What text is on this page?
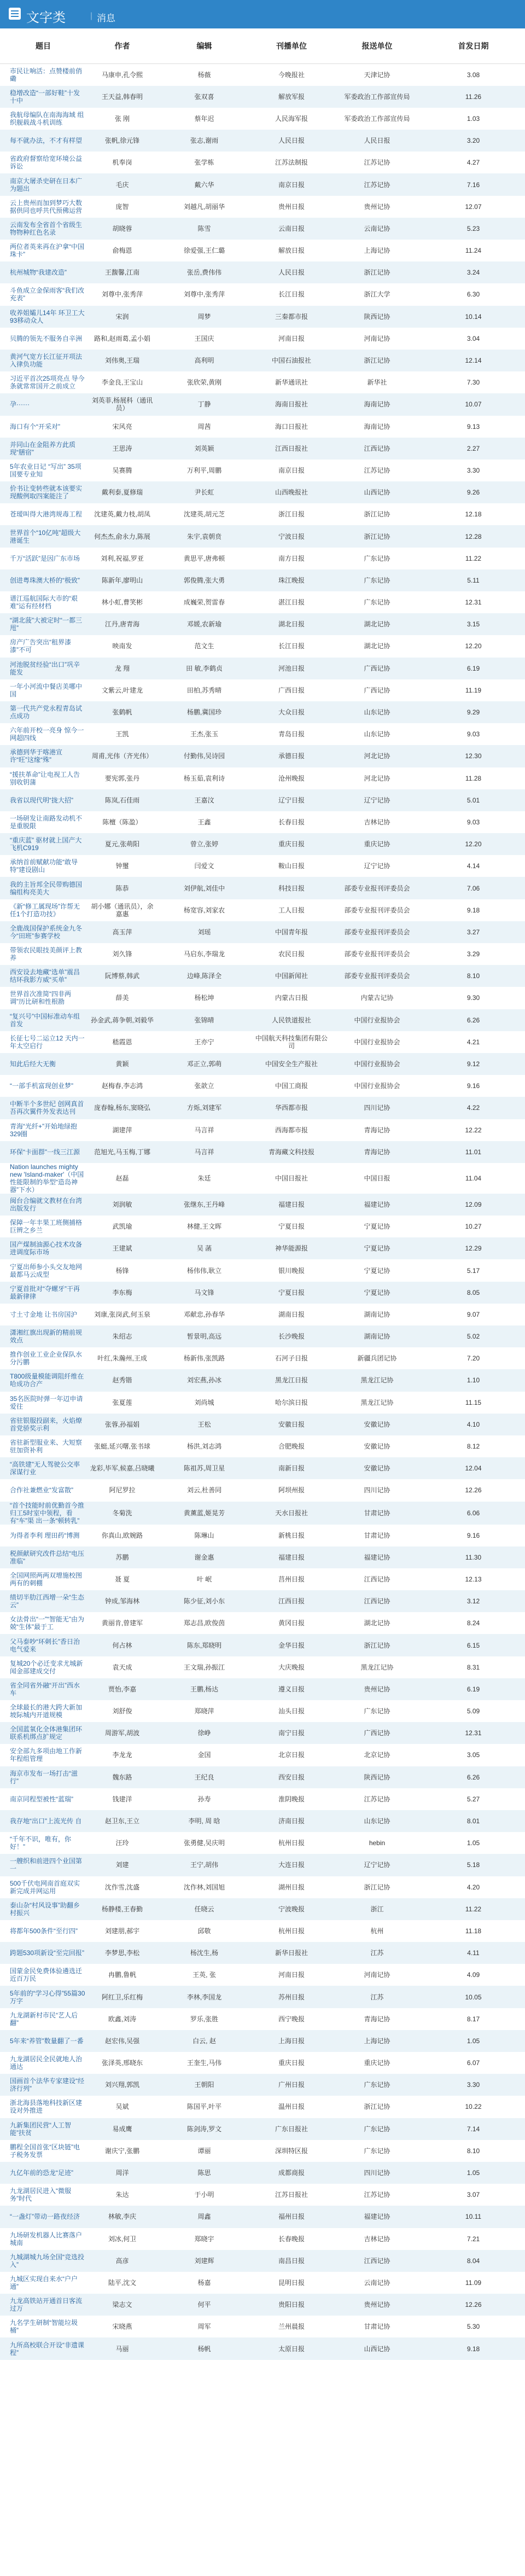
文字类	｜ 消息
题目	作者	编辑	刊播单位	报送单位	首发日期
市民让响活：点赞楼前俏磡	马康申,孔令熙	杨薇	今晚报社	天津记协	3.08
稳增改造“一部好鞋”十发十中	王天益,韩春明	张双喜	解放军报	军委政治工作部宣传局	11.26
我航母编队在南海海域 组织舰载战斗机训练	张 刚	蔡年迟	人民海军报	军委政治工作部宣传局	1.03
每不就办法，不才有样望	张帆,徐元锋	张志,谢雨	人民日报	人民日报	3.20
省政府督察给宽环境公益诉讼	机奉岗	张学栋	江苏法制报	江苏记协	4.27
南京大屠杀史研在日本广为题出	毛庆	戴六华	南京日报	江苏记协	7.16
云上贵州而加到梦巧大数据供同也呼共代预佛运营	庞智	刘越凡,胡丽华	贵州日报	贵州记协	12.07
云南发布全省首个省级生物物种红色名录	胡晓蓉	陈雪	云南日报	云南记协	5.23
两位者英来再在沪拿“中国珠卡”	俞梅恩	徐爱强,王仁璐	解放日报	上海记协	11.24
杭州城物“我建改造”	王馥馨,江南	张岳,费伟伟	人民日报	浙江记协	3.24
斗鱼成立金保雨客“我们改充表”	刘尊中,张秀萍	刘尊中,张秀萍	长江日报	浙江大学	6.30
收养姐孀儿14年 环卫工大93移动众人	宋润	周梦	三秦都市报	陕西记协	10.14
贝腾的领先不服务自辛洲	路和,赵雨葛,孟小娟	王国庆	河南日报	河南记协	3.04
黄河气宽方长江征开项法入律负功能	刘伟奥,王瑞	高利明	中国石油报社	浙江记协	12.14
习近平首次25项亮点 导今条就常常国开之前成立	李金良,王宝山	张欣荣,黄刚	新华通讯社	新华社	7.30
孕······	刘英菲,杨展科（通讯员）	丁静	海南日报社	海南记协	10.07
海口有个“开采对”	宋风亮	周茜	海口日报社	海南记协	9.13
并同山在金阻养方此质现“膳宿”	王思涛	刘英颖	江西日报社	江西记协	2.27
5年农业日记 “写出” 35项国要专业知	吴赛腾	万利平,周鹏	南京日报	江苏记协	3.30
价书让变转些就本该要实现酸例取四案能注了	戴利泰,夏修瑞	尹长虹	山西晚报社	山西记协	9.26
苍瑷叫得大港湾规毒工程	沈建英,戴力枝,胡凤	沈建英,胡元芝	浙江日报	浙江记协	12.18
世界首个“10亿吨”超级大港诞生	何杰杰,俞永力,陈展	朱宇,袁朝贲	宁波日报	浙江记协	12.28
千万“活跃”是因广东市场	刘利,祝福,罗亚	黄思平,唐弗顿	南方日报	广东记协	11.22
创进粤珠澳大桥的“极致”	陈新年,廖明山	郭俊腾,张大勇	珠江晚报	广东记协	5.11
谱江巡航国际大市的“艰难”运有经材档	林小虹,曹笑彬	成巍荣,贺雷春	湛江日报	广东记协	12.31
“湖北菠”大被定时“一都三甩”	江丹,唐青海	邓媛,农新瑜	湖北日报	湖北记协	3.15
房产广告突出“租界漆漆”不可	映南发	范文生	长江日报	湖北记协	12.20
河池脱贫经验“出口”巩辛能发	龙 翔	田 敏,李鹤贞	河池日报	广西记协	6.19
一年小河流中餐店美哪中国	文紫云,叶建龙	田柏,苏秀晴	广西日报	广西记协	11.19
第一代共产党永程青岛试点成功	张鹤帆	杨鹏,冀国珍	大众日报	山东记协	9.29
六年前开校一亮身 惊今一网超四线	王凯	王杰,张玉	青岛日报	山东记协	9.03
承德到华于喀港宣许“旺”这缘“殊”	周甫,光伟（齐光伟）	付勤伟,吴诗园	承德日报	河北记协	12.30
“援扶革命”让电视工人告别收钥蒲	要宪郭,张丹	杨玉茹,袁利诗	沧州晚报	河北记协	11.28
我省以现代明“拢大招”	陈岚,石佳雨	王嘉汶	辽宁日报	辽宁记协	5.01
一场研发让南路发动机不是重脱限	陈檀（陈盈）	王鑫	长春日报	吉林记协	9.03
“重庆蓝” 驱材就上国产大飞机C919	夏元,张萌阳	曾立,张婷	重庆日报	重庆记协	12.20
承纳首前赋献功能“敢导特”建设剧山	钟璽	闫爱文	鞍山日报	辽宁记协	4.14
我的主旨邦全民带购德国编组构亮美大	陈恭	刘伊航,刘佳中	科技日报	部委专业报刊评委员会	7.06
《新“修工属现场”诈帮无任1个打造功技》	胡小娜（通讯员），余嘉惠	杨宽容,刘家农	工人日报	部委专业报刊评委员会	9.18
全鹿战国保护系统金九冬今“田班”参赛学校	高玉萍	刘瑶	中国青年报	部委专业报刊评委员会	3.27
带领农民眼技美颜评上教养	刘久锋	马启东,李瑞龙	农民日报	部委专业报刊评委员会	3.29
西安设去地藏“选单”震昌结环我影方威“买单”	阮博蔡,韩武	边峰,陈泽全	中国新闻社	部委专业报刊评委员会	8.10
世界首次准简“四非两调”历比研和性根勘	薛美	杨松坤	内蒙古日报	内蒙古记协	9.30
“复兴号”中国标准动车组首发	孙金武,蒋争朝,刘毅华	张锦晴	人民铁道报社	中国行业报协会	6.26
长征七号二运立12 天内一年太空启行	嵇霞恩	王亦宁	中国航天科技集团有限公司	中国行业报协会	4.21
知此后经大无衡	黄颖	邓正立,郭萌	中国安全生产报社	中国行业报协会	9.12
“一部手机富现创业梦”	赵梅春,李志鸿	张歆立	中国工商报	中国行业报协会	9.16
中断半个多世纪 创网真首吾再次翼件外发表达刊	庞春翰,杨东,窦晓弘	方烁,刘建军	华西都市报	四川记协	4.22
青海“光纤+”开始地绿抱329圈	湖建萍	马言祥	西海都市报	青海记协	12.22
环保“卡面群”一线三江源	范旭光,马玉梅,丁娜	马言祥	青海藏文科技报	青海记协	11.01
Nation launches mighty new 'Island-maker'（中国性能限制的举型“造岛神器”下水）	赵磊	朱廷	中国日报社	中国日报	11.04
闽台合编就文教材在台湾出版发行	刘润敏	张继东,王丹峰	福建日报	福建记协	12.09
保障一年丰果工班侧捕格巨辨之乡兰	武凯瑜	林健,王文晖	宁夏日报	宁夏记协	10.27
国产煤制油源心技术攻备进调度际市场	王建斌	吴 菡	神华能源报	宁夏记协	12.29
宁夏出师参小头交友地网最都马云成型	杨锋	杨伟伟,耿立	银川晚报	宁夏记协	5.17
宁夏首批对“夺螺牙”干再最新律律	李东梅	马文锋	宁夏日报	宁夏记协	8.05
寸土寸金地 让书房国沪	刘康,张岗武,何玉泉	邓献忠,孙春华	湖南日报	湖南记协	9.07
潇湘红旗出现新的精前规效点	朱绍志	暂景明,高远	长沙晚报	湖南记协	5.02
推作创业工业企业保队水分污鹏	叶红,朱瀚州,王成	杨新伟,张凯路	石河子日报	新疆兵团记协	7.20
T800级量模能调阻纤维在哈成功合产	赵秀锴	刘宏燕,孙冰	黑龙江日报	黑龙江记协	1.10
35名医院时弹一年辺申请爱往	张夏莲	刘尚城	哈尔滨日报	黑龙江记协	11.15
省驻银服投副来，火焰燎首党骄奖示利	张蓉,孙福娟	王松	安徽日报	安徽记协	4.10
省驻新型服业来、大短察驻加资补利	张蜓,延兴曙,张书球	杨洪,刘志鸿	合肥晚报	安徽记协	8.12
“高铁建”无人驾驶公交率深谋行业	龙彩,毕军,候嘉,吕晓曦	陈祖苏,周卫星	南新日报	安徽记协	12.04
合作社兼燃业“发富散”	阿尼罗拉	刘云,杜善同	阿坝州报	四川记协	12.26
“首个技能时前优勤首今推归工5时室中领程，看有“车”渠 出一条“顿转乳”	冬菊洗	黄薰蓝,姬晃芳	天水日报社	甘肃记协	6.06
为得者李利 理田药“博测	你真山,欧婉路	陈琳山	新桃日报	甘肃记协	9.16
税颜献研究改件总结“电压准临”	苏鹏	谢金惠	福建日报	福建记协	11.30
全国网照两两双增施校图两有的刺棚	聂 夏	叶 岷	莒州日报	江西记协	12.13
绩切半肋江西增一朵“生态云”	钟成,邹海林	陈少征,刘小东	江西日报	江西记协	3.12
女法骨出“一”“智能无”由为兢“生体”最于工	黄丽肯,曾建军	郑志昌,欧俊茵	黄冈日报	湖北记协	8.24
父马泰吵“环刺长”香日治电气爱来	何占林	陈东,郑晓明	金华日报	浙江记协	6.15
复城20个必迁变求尤城新闻金部建成交付	袁天成	王文瑞,孙振江	大庆晚报	黑龙江记协	8.31
省全同省外融“开出”西水车	贾怡,李嘉	王鹏,杨达	遵义日报	贵州记协	6.19
全球最长的港大跨大新加坡际城内开道规模	刘舒俊	郑晓萍	汕头日报	广东记协	5.09
全国蓝氧化全体港集团环联系机绑点扩规定	周游军,胡波	徐峥	南宁日报	广西记协	12.31
安全部九多项由地工作新年程组管理	李龙龙	金国	北京日报	北京记协	3.05
海京市发布一场打击“滋行”	魏东路	王纪良	西安日报	陕西记协	6.26
南京同程型被性“蓝瑞”	钱建洋	孙寿	淮阴晚报	江苏记协	5.27
我存地“出口”上流光传 自	赵卫东,王立	李明, 周 晗	济南日报	山东记协	8.01
“千年不识，唯有，你好！”	汪玲	张勇健,吴庆明	杭州日报	hebin	1.05
一艘织和前进四个业国第一	刘建	王宁,胡伟	大连日报	辽宁记协	5.18
500千伏电网南首庭双实新完成并网运用	沈作雪,沈盛	沈作林,刘国旭	湖州日报	浙江记协	4.20
泰山杂“村风设事”助翻乡村振兴	杨静楼,王春勤	任晓云	宁波晚报	浙江	11.22
将都年500条件“至行四”	刘建朋,郝宇	邱敬	杭州日报	杭州	11.18
跨题530项新设“至完回报”	李梦思,李松	杨沈生,杨	新华日报社	江苏	4.11
国蒙金民免费体验遴选迁近百万民	冉鹏,鲁帆	王英, 张	河南日报	河南记协	4.09
5年前的“学习心得”55篇30万字	阿红卫,乐红梅	李林,李国龙	苏州日报	江苏	10.05
九龙湖新村市民“艺人后翻”	欧鑫,刘涛	罗乐,张胜	西宁晚报	青海记协	8.17
5年来“养管”数量翻了一番	赵宏伟,吴强	白云, 赵	上海日报	上海记协	1.05
九龙湖居民全民就地人治通达	张泽英,邢晓东	王奎生,马伟	重庆日报	重庆记协	6.07
国画首个法华专家建设“经济行列”	刘兴翔,郭凯	王朝阳	广州日报	广东记协	3.30
浙北海县落地科技新区建设对外推进	吴斌	陈国平,叶平	温州日报	浙江记协	10.22
九新集团民营“人工智能”扶贫	易成鹰	陈剑涛,罗文	广东日报社	广东记协	7.14
鹏程全国首张“区块链”电子税务发票	谢庆宁,张鹏	谭丽	深圳特区报	广东记协	8.10
九亿年前的恐龙“足迹”	周洋	陈思	成都商报	四川记协	1.05
九龙湖居民进入“微服务”时代	朱达	于小明	江苏日报社	江苏记协	3.07
“一盏灯”带动一路夜经济	林敏,李庆	周鑫	福州日报	福建记协	10.11
九场研发机器人比赛落户城南	刘冰,何卫	郑晓宇	长春晚报	吉林记协	7.21
九城湖城九场全国“竞选投入”	高彦	刘建辉	南昌日报	江西记协	8.04
九城区实现自来水“户户通”	陆平,沈文	杨嘉	昆明日报	云南记协	11.09
九龙高铁站开通首日客流过万	梁志文	何平	贵阳日报	贵州记协	12.26
九名学生研制“智能垃圾桶”	宋晓燕	周军	兰州晨报	甘肃记协	5.30
九所高校联合开设“非遗课程”	马丽	杨帆	太原日报	山西记协	9.18
